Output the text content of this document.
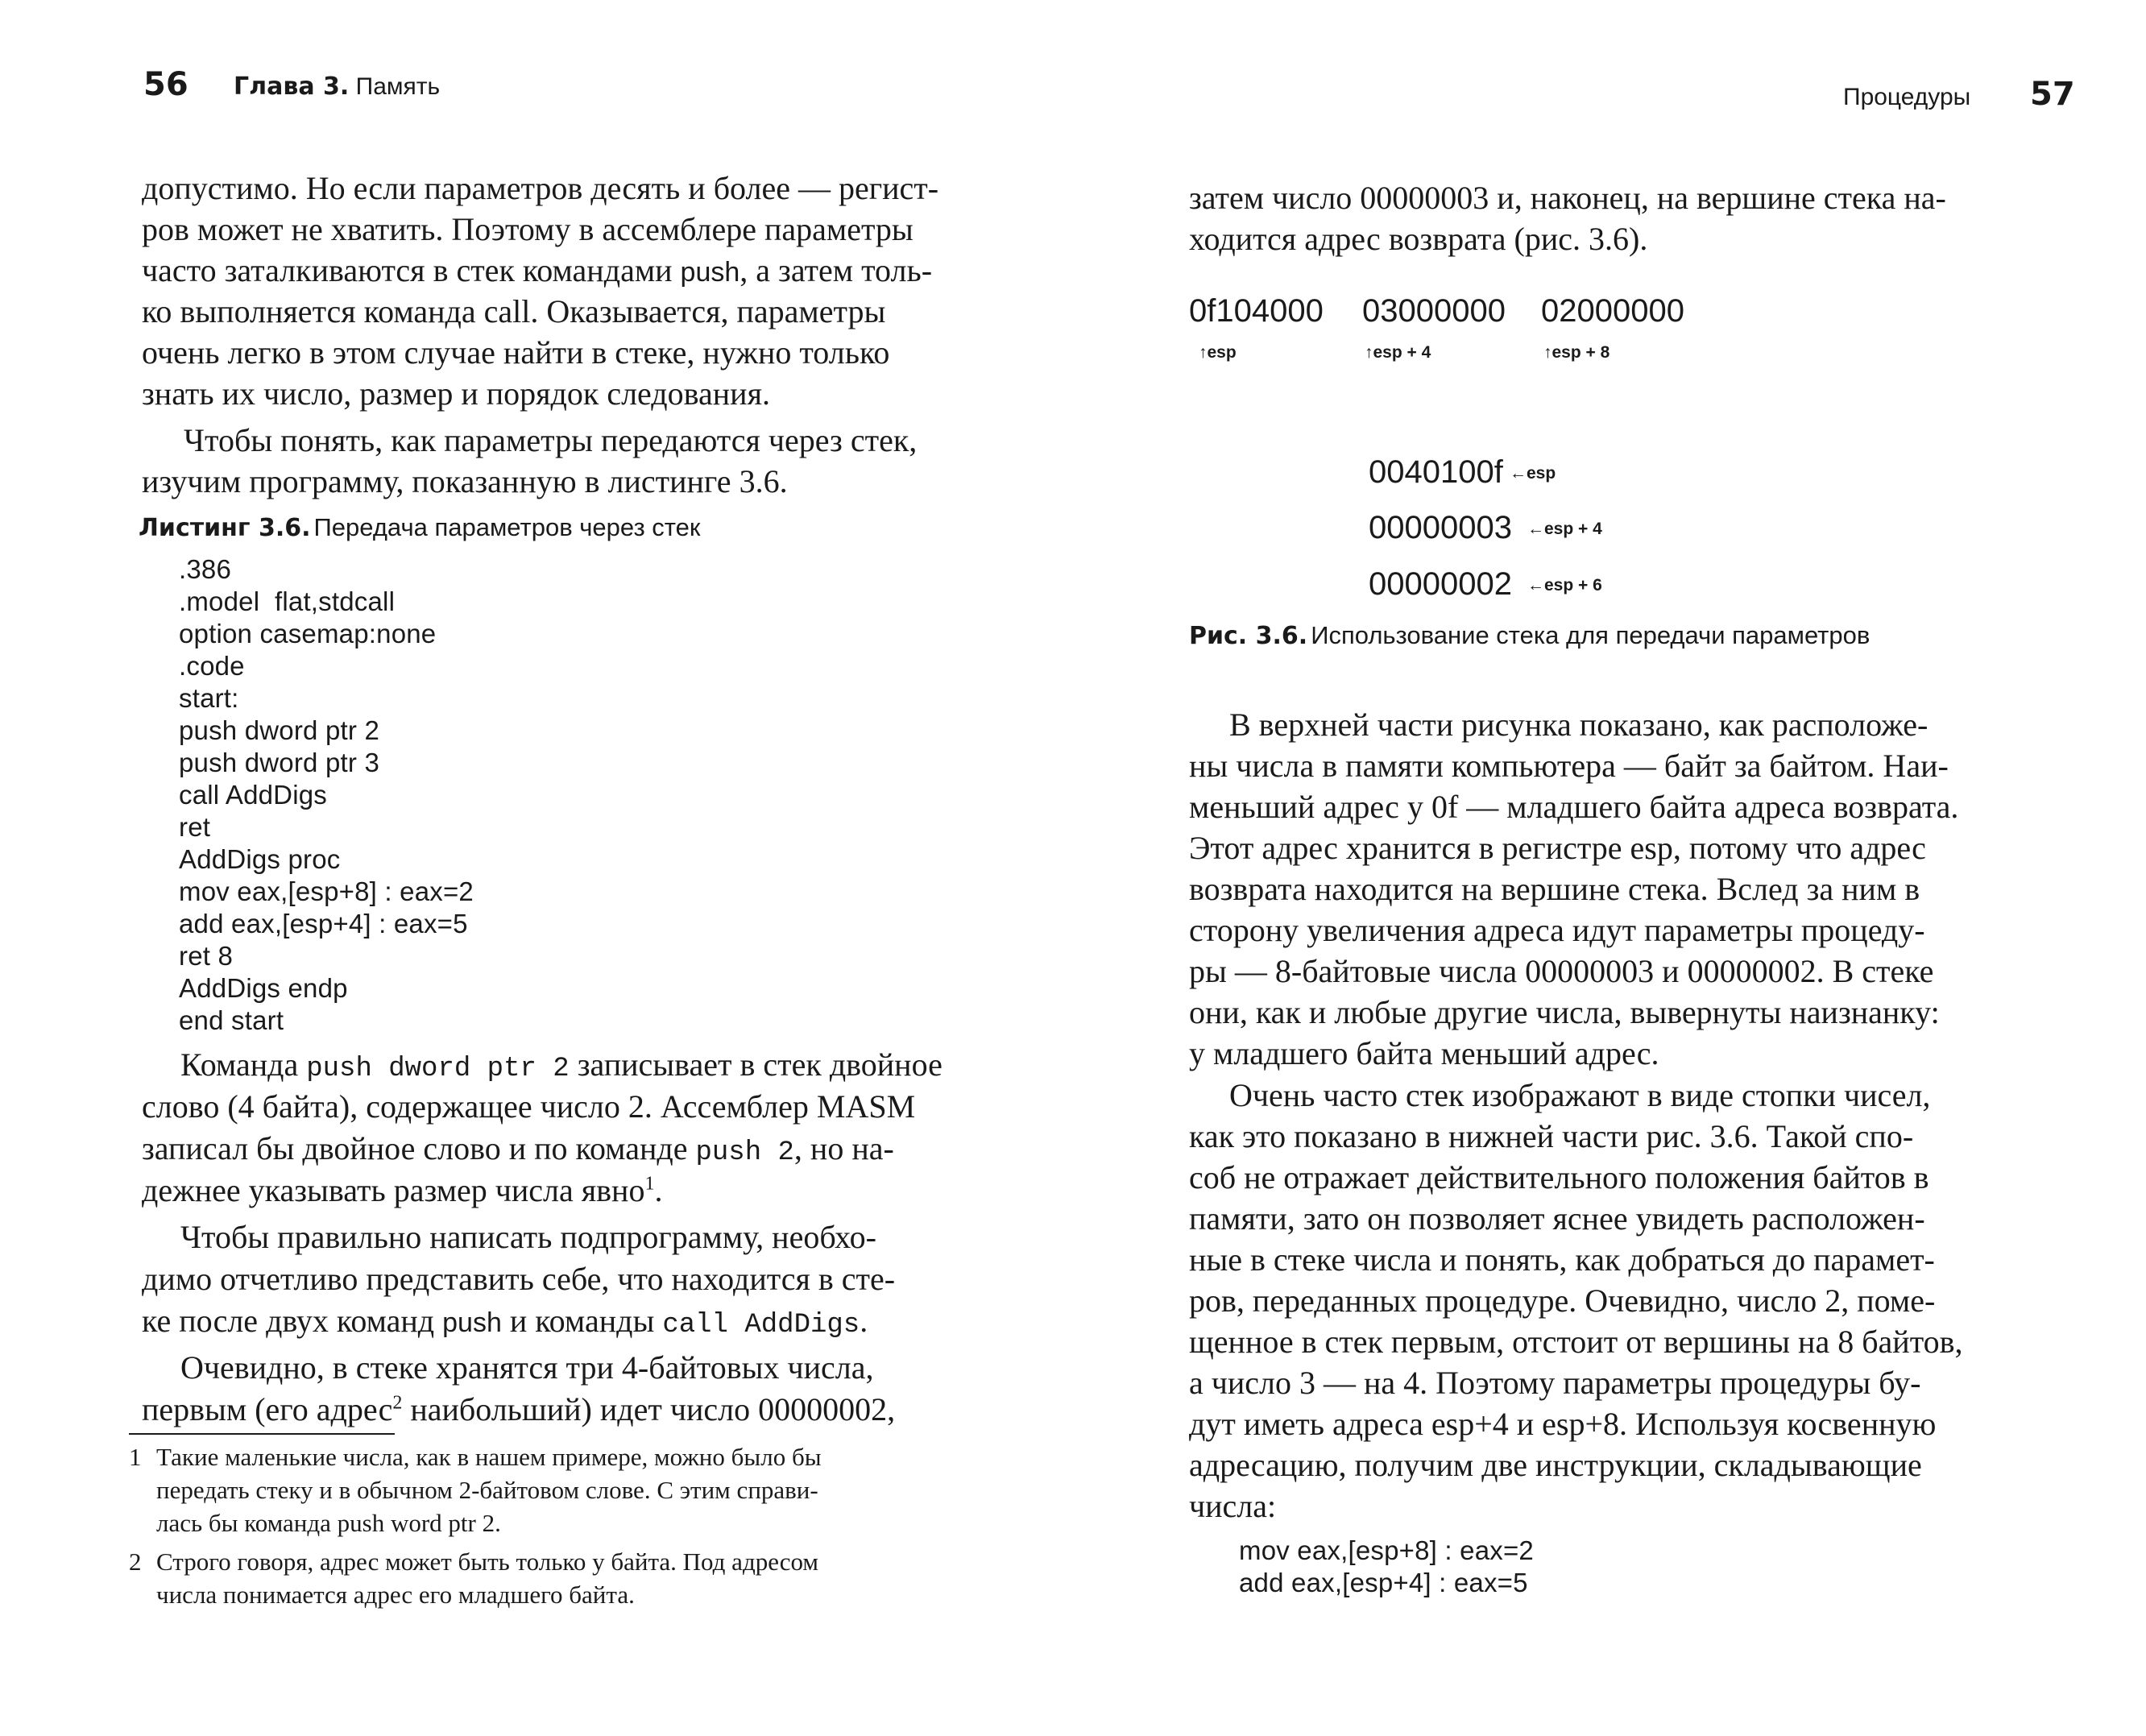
56 Глава 3. Память
допустимо. Но если параметров десять и более — регист-
ров может не хватить. Поэтому в ассемблере параметры
часто заталкиваются в стек командами push, а затем толь-
ко выполняется команда call. Оказывается, параметры
очень легко в этом случае найти в стеке, нужно только
знать их число, размер и порядок следования.
Чтобы понять, как параметры передаются через стек,
изучим программу, показанную в листинге 3.6.
Листинг 3.6. Передача параметров через стек
.386
.model  flat,stdcall
option casemap:none
.code
start:
push dword ptr 2
push dword ptr 3
call AddDigs
ret
AddDigs proc
mov eax,[esp+8] : eax=2
add eax,[esp+4] : eax=5
ret 8
AddDigs endp
end start
Команда push dword ptr 2 записывает в стек двойное
слово (4 байта), содержащее число 2. Ассемблер MASM
записал бы двойное слово и по команде push 2, но на-
дежнее указывать размер числа явно$^1$.
Чтобы правильно написать подпрограмму, необхо-
димо отчетливо представить себе, что находится в сте-
ке после двух команд push и команды call AddDigs.
Очевидно, в стеке хранятся три 4-байтовых числа,
первым (его адрес$^2$ наибольший) идет число 00000002,
1 Такие маленькие числа, как в нашем примере, можно было бы
передать стеку и в обычном 2-байтовом слове. С этим справи-
лась бы команда push word ptr 2.
2 Строго говоря, адрес может быть только у байта. Под адресом
числа понимается адрес его младшего байта.
Процедуры 57
затем число 00000003 и, наконец, на вершине стека на-
ходится адрес возврата (рис. 3.6).

0f104000

03000000

02000000

↑esp

	↑esp + 4

	↑esp + 8

0040100f

←esp

00000003

←esp + 4

00000002

←esp + 6

Рис. 3.6. Использование стека для передачи параметров
В верхней части рисунка показано, как расположе-
ны числа в памяти компьютера — байт за байтом. Наи-
меньший адрес у 0f — младшего байта адреса возврата.
Этот адрес хранится в регистре esp, потому что адрес
возврата находится на вершине стека. Вслед за ним в
сторону увеличения адреса идут параметры процеду-
ры — 8-байтовые числа 00000003 и 00000002. В стеке
они, как и любые другие числа, вывернуты наизнанку:
у младшего байта меньший адрес.
Очень часто стек изображают в виде стопки чисел,
как это показано в нижней части рис. 3.6. Такой спо-
соб не отражает действительного положения байтов в
памяти, зато он позволяет яснее увидеть расположен-
ные в стеке числа и понять, как добраться до парамет-
ров, переданных процедуре. Очевидно, число 2, поме-
щенное в стек первым, отстоит от вершины на 8 байтов,
а число 3 — на 4. Поэтому параметры процедуры бу-
дут иметь адреса esp+4 и esp+8. Используя косвенную
адресацию, получим две инструкции, складывающие
числа:
mov eax,[esp+8] : eax=2
add eax,[esp+4] : eax=5
